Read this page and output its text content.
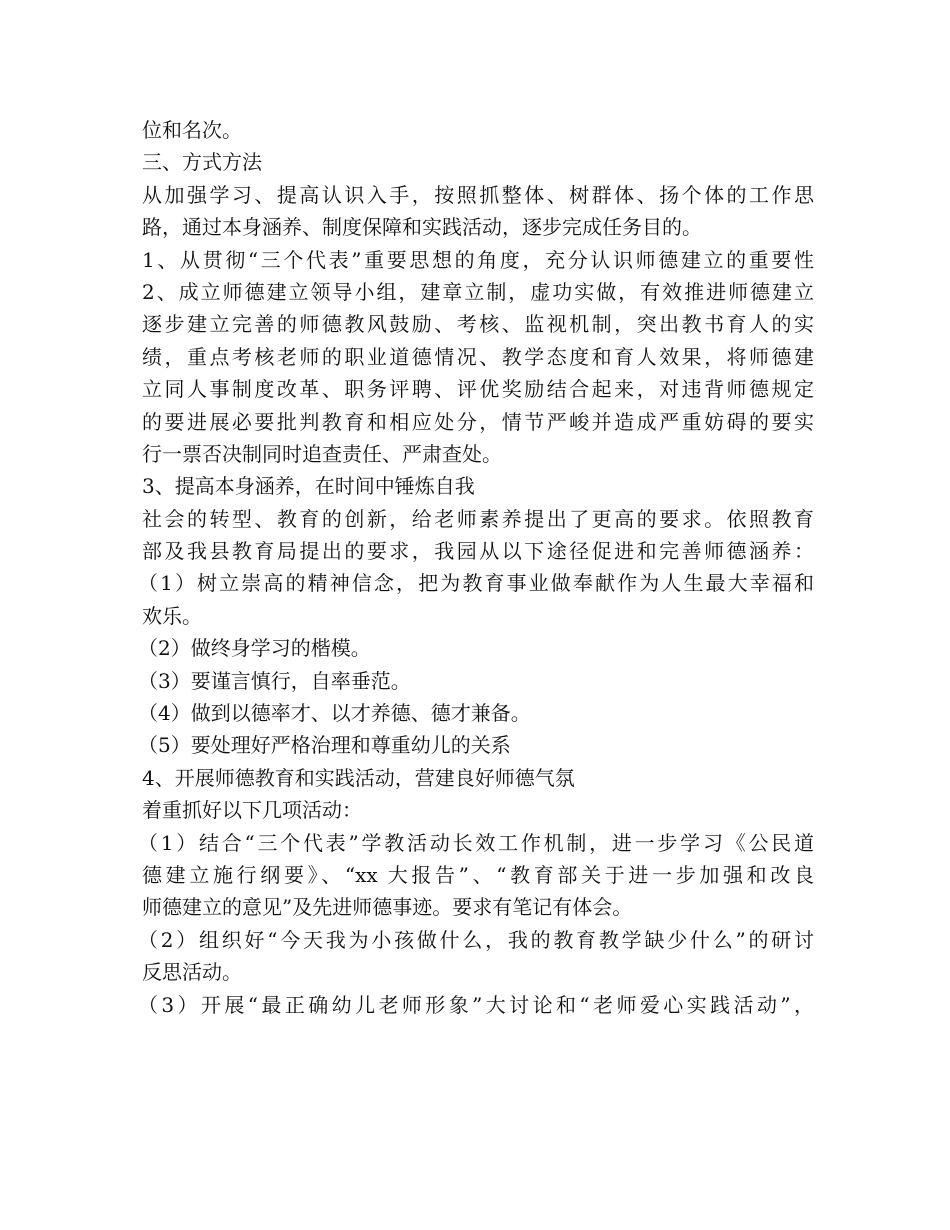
位和名次。
三、方式方法
从加强学习、提高认识入手，按照抓整体、树群体、扬个体的工作思
路，通过本身涵养、制度保障和实践活动，逐步完成任务目的。
1、从贯彻“三个代表”重要思想的角度，充分认识师德建立的重要性
2、成立师德建立领导小组，建章立制，虚功实做，有效推进师德建立
逐步建立完善的师德教风鼓励、考核、监视机制，突出教书育人的实
绩，重点考核老师的职业道德情况、教学态度和育人效果，将师德建
立同人事制度改革、职务评聘、评优奖励结合起来，对违背师德规定
的要进展必要批判教育和相应处分，情节严峻并造成严重妨碍的要实
行一票否决制同时追查责任、严肃查处。
3、提高本身涵养，在时间中锤炼自我
社会的转型、教育的创新，给老师素养提出了更高的要求。依照教育
部及我县教育局提出的要求，我园从以下途径促进和完善师德涵养：
（1）树立崇高的精神信念，把为教育事业做奉献作为人生最大幸福和
欢乐。
（2）做终身学习的楷模。
（3）要谨言慎行，自率垂范。
（4）做到以德率才、以才养德、德才兼备。
（5）要处理好严格治理和尊重幼儿的关系
4、开展师德教育和实践活动，营建良好师德气氛
着重抓好以下几项活动：
（1）结合“三个代表”学教活动长效工作机制，进一步学习《公民道
德建立施行纲要》、“xx 大报告”、“教育部关于进一步加强和改良
师德建立的意见”及先进师德事迹。要求有笔记有体会。
（2）组织好“今天我为小孩做什么，我的教育教学缺少什么”的研讨
反思活动。
（3）开展“最正确幼儿老师形象”大讨论和“老师爱心实践活动”，
